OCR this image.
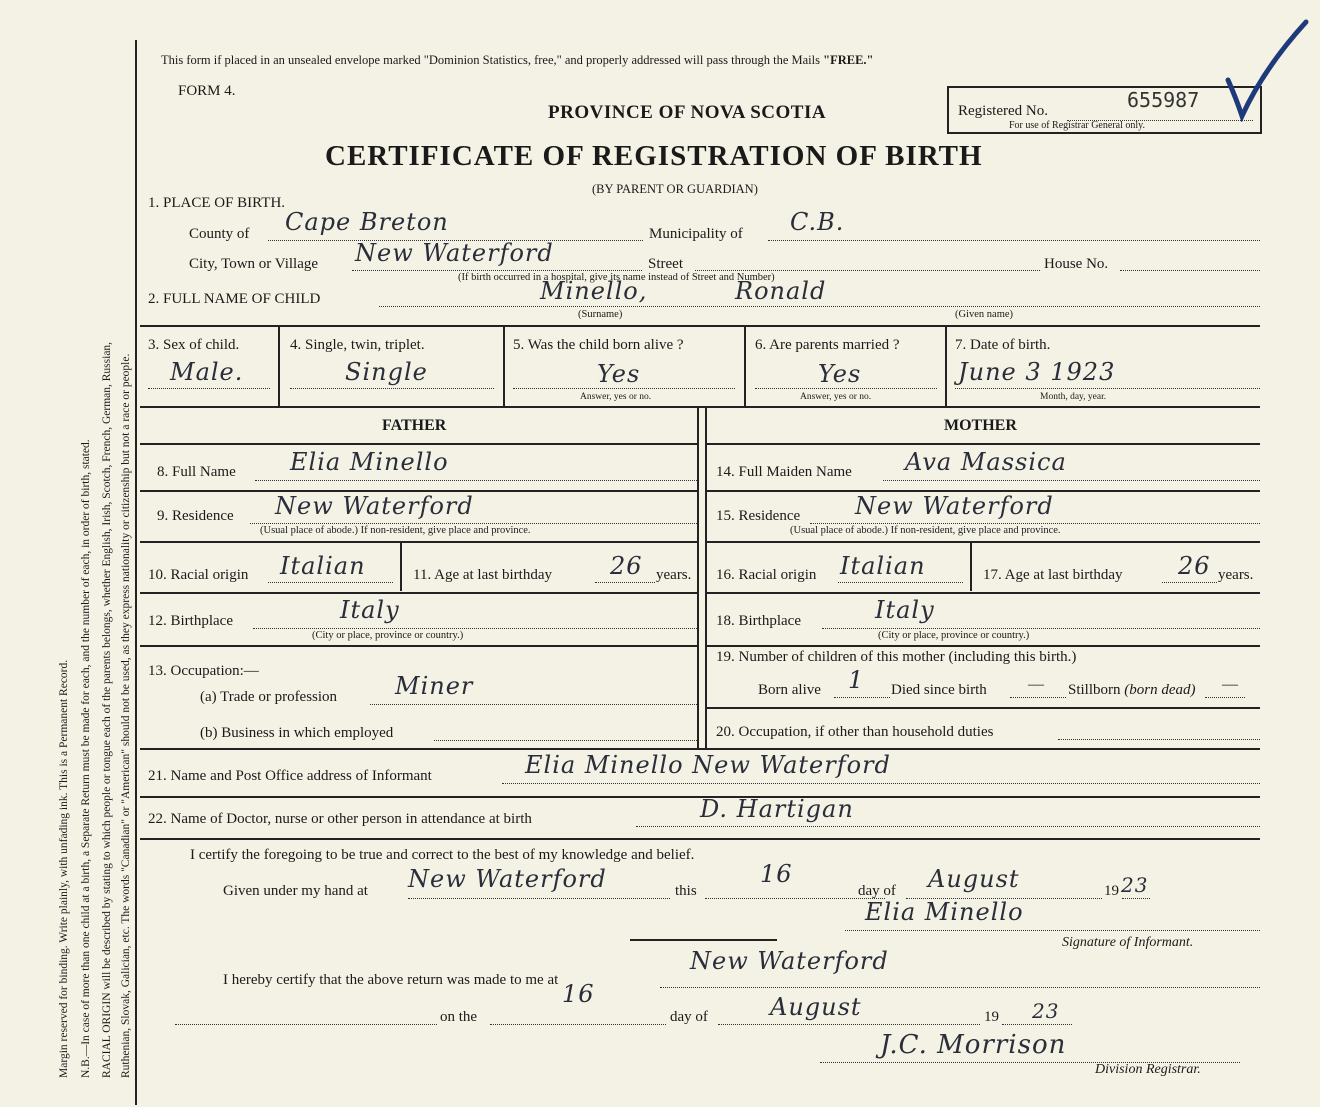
Margin reserved for binding. Write plainly, with unfading ink. This is a Permanent Record. N.B.—In case of more than one child at a birth, a Separate Return must be made for each, and the number of each, in order of birth, stated. RACIAL ORIGIN will be described by stating to which people or tongue each of the parents belongs, whether English, Irish, Scotch, French, German, Russian, Ruthenian, Slovak, Galician, etc. The words "Canadian" or "American" should not be used, as they express nationality or citizenship but not a race or people.
This form if placed in an unsealed envelope marked "Dominion Statistics, free," and properly addressed will pass through the Mails "FREE."
FORM 4.
PROVINCE OF NOVA SCOTIA
CERTIFICATE OF REGISTRATION OF BIRTH
(BY PARENT OR GUARDIAN)
Registered No.	655987
For use of Registrar General only.
1. PLACE OF BIRTH.
County of Cape Breton	Municipality of C.B.
City, Town or Village New Waterford	Street	House No.
(If birth occurred in a hospital, give its name instead of Street and Number)
2. FULL NAME OF CHILD	Minello,	Ronald
(Surname)	(Given name)
3. Sex of child.
Male.
4. Single, twin, triplet.
Single
5. Was the child born alive ?
Yes
Answer, yes or no.
6. Are parents married ?
Yes
Answer, yes or no.
7. Date of birth.
June 3 1923
Month, day, year.
FATHER	MOTHER
8. Full Name Elia Minello	14. Full Maiden Name Ava Massica
9. Residence New Waterford
(Usual place of abode.) If non-resident, give place and province.
15. Residence New Waterford
(Usual place of abode.) If non-resident, give place and province.
10. Racial origin Italian	11. Age at last birthday 26 years. 16. Racial origin Italian	17. Age at last birthday 26 years.
12. Birthplace	Italy
(City or place, province or country.)
18. Birthplace	Italy
(City or place, province or country.)
13. Occupation:—
(a) Trade or profession Miner
19. Number of children of this mother (including this birth.)
Born alive 1 Died since birth	— Stillborn (born dead) —
(b) Business in which employed	20. Occupation, if other than household duties
21. Name and Post Office address of Informant	Elia Minello New Waterford
22. Name of Doctor, nurse or other person in attendance at birth	D. Hartigan
I certify the foregoing to be true and correct to the best of my knowledge and belief.
Given under my hand at New Waterford	this
16
day of August	19 23
Elia Minello
Signature of Informant.
I hereby certify that the above return was made to me at
New Waterford
on the
16
day of	August	19 23
J.C. Morrison
Division Registrar.
